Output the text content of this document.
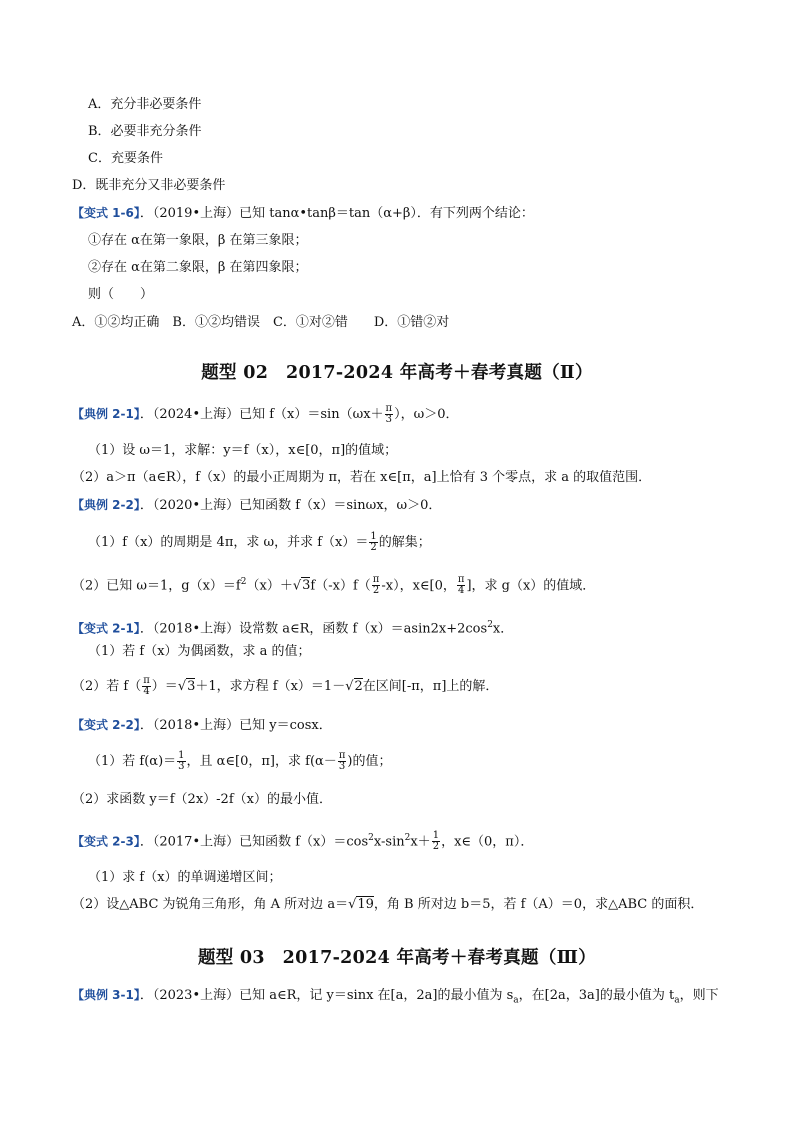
A．充分非必要条件
B．必要非充分条件
C．充要条件
D．既非充分又非必要条件
【变式 1-6】．（2019•上海）已知 tanα•tanβ＝tan（α+β）．有下列两个结论：
①存在 α在第一象限，β 在第三象限；
②存在 α在第二象限，β 在第四象限；
则（　　）
A．①②均正确　B．①②均错误　C．①对②错　　D．①错②对
题型 02　2017-2024 年高考＋春考真题（Ⅱ）
【典例 2-1】．（2024•上海）已知 $f(x)=\sin(\omega x+ \frac{\pi}{3}$ ），ω＞0．
（1）设 ω＝1，求解：y＝f（x），x∈[0，π]的值域；
（2）a＞π（a∈R），f（x）的最小正周期为 π，若在 x∈[π，a]上恰有 3 个零点，求 a 的取值范围．
【典例 2-2】．（2020•上海）已知函数 f（x）＝sinωx，ω＞0．
（1）f（x）的周期是 4π，求 ω，并求 $f(x)= \frac{1}{2}$ 的解集；
（2）已知 ω＝1，$g(x)=f^2(x)+√3f(-x)f( \frac{\pi}{2} -x)$，x∈[0， $\frac{\pi}{4}$ ]，求 g（x）的值域．
【变式 2-1】．（2018•上海）设常数 a∈R，函数 $f(x)=asin2x+2\cos^2x$．
（1）若 f（x）为偶函数，求 a 的值；
（2）若 $f( \frac{\pi}{4} )=√3+1$，求方程 f（x）＝1－√2在区间[-π，π]上的解．
【变式 2-2】．（2018•上海）已知 y＝cosx．
（1）若 $f(\alpha)= \frac{1}{3}$ ，且 α∈[0，π]，求 $f(\alpha- \frac{\pi}{3}$ )的值；
（2）求函数 y＝f（2x）-2f（x）的最小值．
【变式 2-3】．（2017•上海）已知函数 $f(x)=\cos^2x-\sin^2x+ \frac{1}{2}$ ，x∈（0，π）．
（1）求 f（x）的单调递增区间；
（2）设△ABC 为锐角三角形，角 A 所对边 a＝√19，角 B 所对边 b＝5，若 f（A）＝0，求△ABC 的面积．
题型 03　2017-2024 年高考＋春考真题（Ⅲ）
【典例 3-1】．（2023•上海）已知 a∈R，记 y＝sinx 在[a，2a]的最小值为 $s_a$，在[2a，3a]的最小值为 $t_a$，则下
